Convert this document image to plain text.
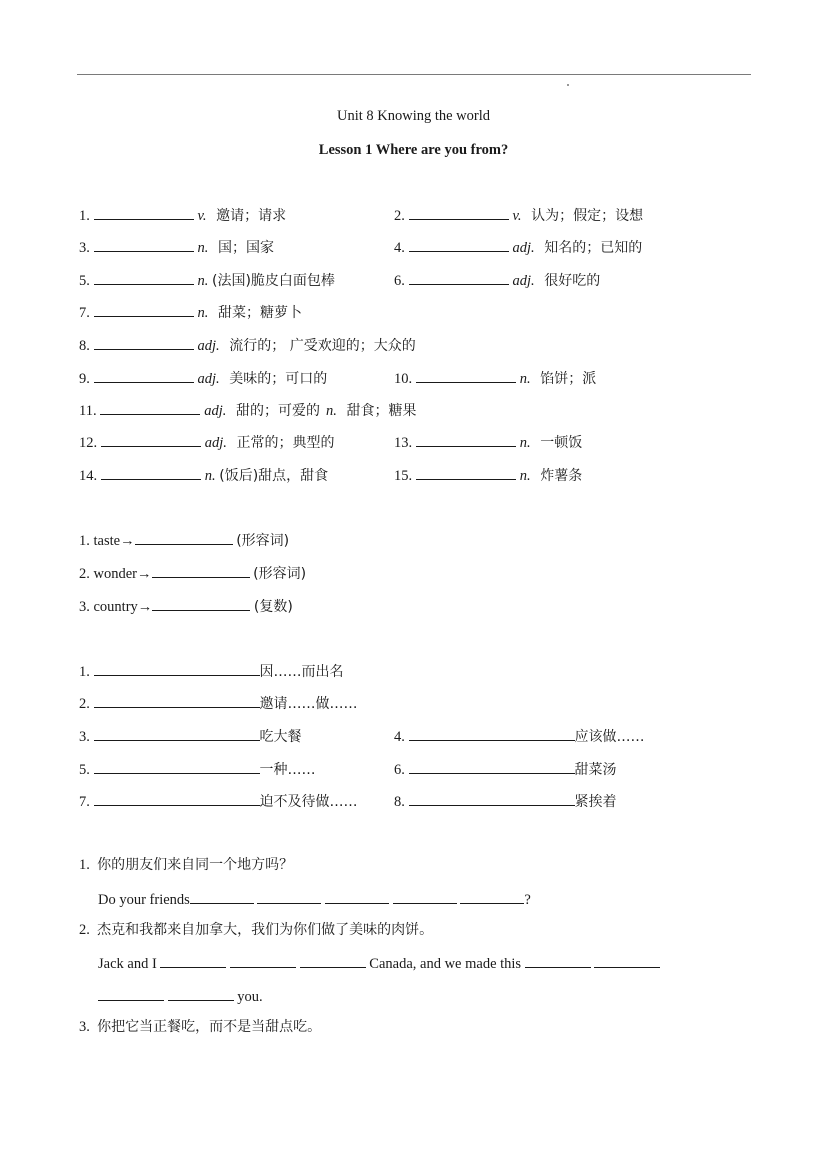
Unit 8 Knowing the world
Lesson 1 Where are you from?
1.	v. 邀请；请求	2.	v. 认为；假定；设想
3.	n. 国；国家	4.	adj. 知名的；已知的
5.	n. (法国)脆皮白面包棒	6.	adj. 很好吃的
7.	n. 甜菜；糖萝卜
8.	adj. 流行的； 广受欢迎的；大众的
9.	adj. 美味的；可口的	10.	n. 馅饼；派
11.	adj. 甜的；可爱的 n. 甜食；糖果
12.	adj. 正常的；典型的	13.	n. 一顿饭
14.	n. (饭后)甜点，甜食	15.	n. 炸薯条
1. taste→	(形容词)
2. wonder→	(形容词)
3. country→	(复数)
1.	因……而出名
2.	邀请……做……
3.	吃大餐	4.	应该做……
5.	一种……	6.	甜菜汤
7.	迫不及待做……	8.	紧挨着
1. 你的朋友们来自同一个地方吗？
Do your friends	?
2. 杰克和我都来自加拿大，我们为你们做了美味的肉饼。
Jack and I	Canada, and we made this
you.
3. 你把它当正餐吃，而不是当甜点吃。
